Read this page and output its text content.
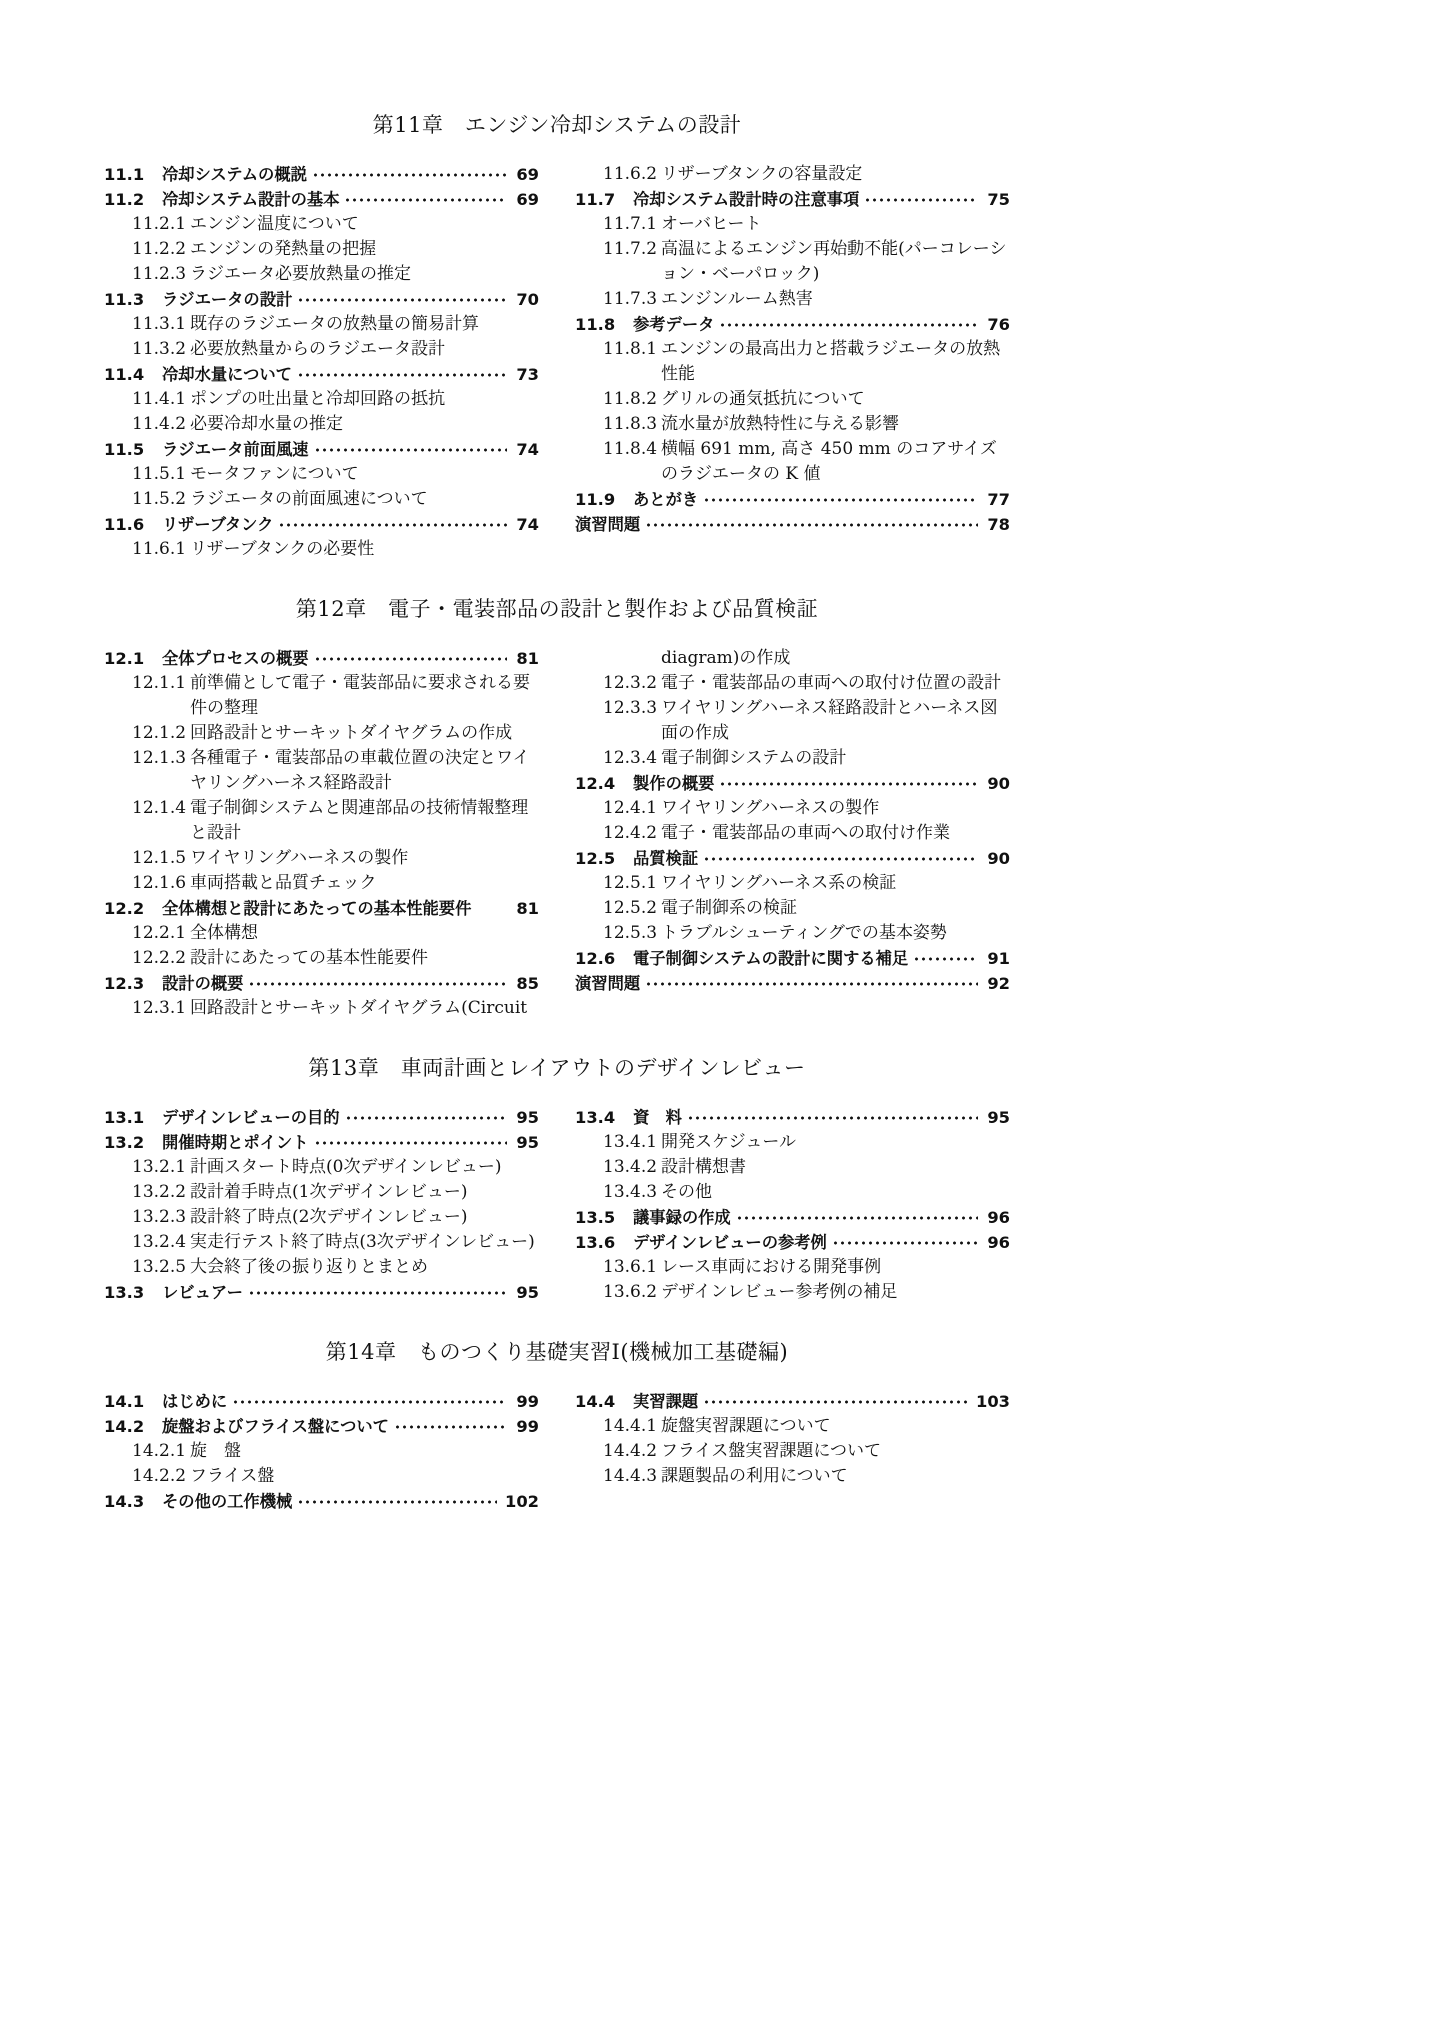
第11章　エンジン冷却システムの設計
11.1	冷却システムの概説	69
11.2	冷却システム設計の基本	69
11.2.1 エンジン温度について
11.2.2 エンジンの発熱量の把握
11.2.3 ラジエータ必要放熱量の推定
11.3	ラジエータの設計	70
11.3.1 既存のラジエータの放熱量の簡易計算
11.3.2 必要放熱量からのラジエータ設計
11.4	冷却水量について	73
11.4.1 ポンプの吐出量と冷却回路の抵抗
11.4.2 必要冷却水量の推定
11.5	ラジエータ前面風速	74
11.5.1 モータファンについて
11.5.2 ラジエータの前面風速について
11.6	リザーブタンク	74
11.6.1 リザーブタンクの必要性
11.6.2 リザーブタンクの容量設定
11.7	冷却システム設計時の注意事項	75
11.7.1 オーバヒート
11.7.2 高温によるエンジン再始動不能(パーコレーション・ベーパロック)
11.7.3 エンジンルーム熱害
11.8	参考データ	76
11.8.1 エンジンの最高出力と搭載ラジエータの放熱性能
11.8.2 グリルの通気抵抗について
11.8.3 流水量が放熱特性に与える影響
11.8.4 横幅 691 mm, 高さ 450 mm のコアサイズのラジエータの K 値
11.9	あとがき	77
演習問題	78
第12章　電子・電装部品の設計と製作および品質検証
12.1	全体プロセスの概要	81
12.1.1 前準備として電子・電装部品に要求される要件の整理
12.1.2 回路設計とサーキットダイヤグラムの作成
12.1.3 各種電子・電装部品の車載位置の決定とワイヤリングハーネス経路設計
12.1.4 電子制御システムと関連部品の技術情報整理と設計
12.1.5 ワイヤリングハーネスの製作
12.1.6 車両搭載と品質チェック
12.2	全体構想と設計にあたっての基本性能要件	81
12.2.1 全体構想
12.2.2 設計にあたっての基本性能要件
12.3	設計の概要	85
12.3.1 回路設計とサーキットダイヤグラム(Circuit
diagram)の作成
12.3.2 電子・電装部品の車両への取付け位置の設計
12.3.3 ワイヤリングハーネス経路設計とハーネス図面の作成
12.3.4 電子制御システムの設計
12.4	製作の概要	90
12.4.1 ワイヤリングハーネスの製作
12.4.2 電子・電装部品の車両への取付け作業
12.5	品質検証	90
12.5.1 ワイヤリングハーネス系の検証
12.5.2 電子制御系の検証
12.5.3 トラブルシューティングでの基本姿勢
12.6	電子制御システムの設計に関する補足	91
演習問題	92
第13章　車両計画とレイアウトのデザインレビュー
13.1	デザインレビューの目的	95
13.2	開催時期とポイント	95
13.2.1 計画スタート時点(0次デザインレビュー)
13.2.2 設計着手時点(1次デザインレビュー)
13.2.3 設計終了時点(2次デザインレビュー)
13.2.4 実走行テスト終了時点(3次デザインレビュー)
13.2.5 大会終了後の振り返りとまとめ
13.3	レビュアー	95
13.4	資　料	95
13.4.1 開発スケジュール
13.4.2 設計構想書
13.4.3 その他
13.5	議事録の作成	96
13.6	デザインレビューの参考例	96
13.6.1 レース車両における開発事例
13.6.2 デザインレビュー参考例の補足
第14章　ものつくり基礎実習Ⅰ(機械加工基礎編)
14.1	はじめに	99
14.2	旋盤およびフライス盤について	99
14.2.1 旋　盤
14.2.2 フライス盤
14.3	その他の工作機械	102
14.4	実習課題	103
14.4.1 旋盤実習課題について
14.4.2 フライス盤実習課題について
14.4.3 課題製品の利用について
